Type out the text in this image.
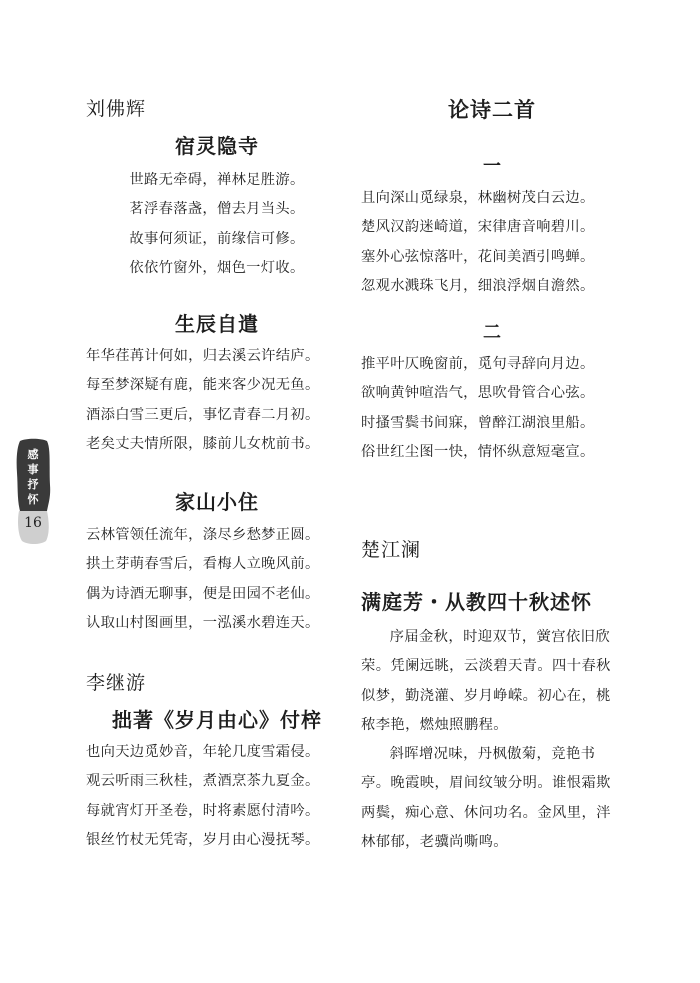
感
事
抒
怀
16
刘佛辉
宿灵隐寺
世路无牵碍，禅林足胜游。
茗浮春落盏，僧去月当头。
故事何须证，前缘信可修。
依依竹窗外，烟色一灯收。
生辰自遣
年华荏苒计何如，归去溪云许结庐。
每至梦深疑有鹿，能来客少况无鱼。
酒添白雪三更后，事忆青春二月初。
老矣丈夫情所限，膝前儿女枕前书。
家山小住
云林管领任流年，涤尽乡愁梦正圆。
拱土芽萌春雪后，看梅人立晚风前。
偶为诗酒无聊事，便是田园不老仙。
认取山村图画里，一泓溪水碧连天。
李继游
拙著《岁月由心》付梓
也向天边觅妙音，年轮几度雪霜侵。
观云听雨三秋桂，煮酒烹茶九夏金。
每就宵灯开圣卷，时将素愿付清吟。
银丝竹杖无凭寄，岁月由心漫抚琴。
论诗二首
一
且向深山觅绿泉，林幽树茂白云边。
楚风汉韵迷崎道，宋律唐音响碧川。
塞外心弦惊落叶，花间美酒引鸣蝉。
忽观水溅珠飞月，细浪浮烟自澹然。
二
推平叶仄晚窗前，觅句寻辞向月边。
欲响黄钟喧浩气，思吹骨管合心弦。
时搔雪鬓书间寐，曾醉江湖浪里船。
俗世红尘图一快，情怀纵意短毫宣。
楚江澜
满庭芳・从教四十秋述怀

序届金秋，时迎双节，黉宫依旧欣荣。凭阑远眺，云淡碧天青。四十春秋似梦，勤浇灌、岁月峥嵘。初心在，桃秾李艳，燃烛照鹏程。

斜晖增况味，丹枫傲菊，竞艳书亭。晚霞映，眉间纹皱分明。谁恨霜欺两鬓，痴心意、休问功名。金风里，泮林郁郁，老骥尚嘶鸣。
